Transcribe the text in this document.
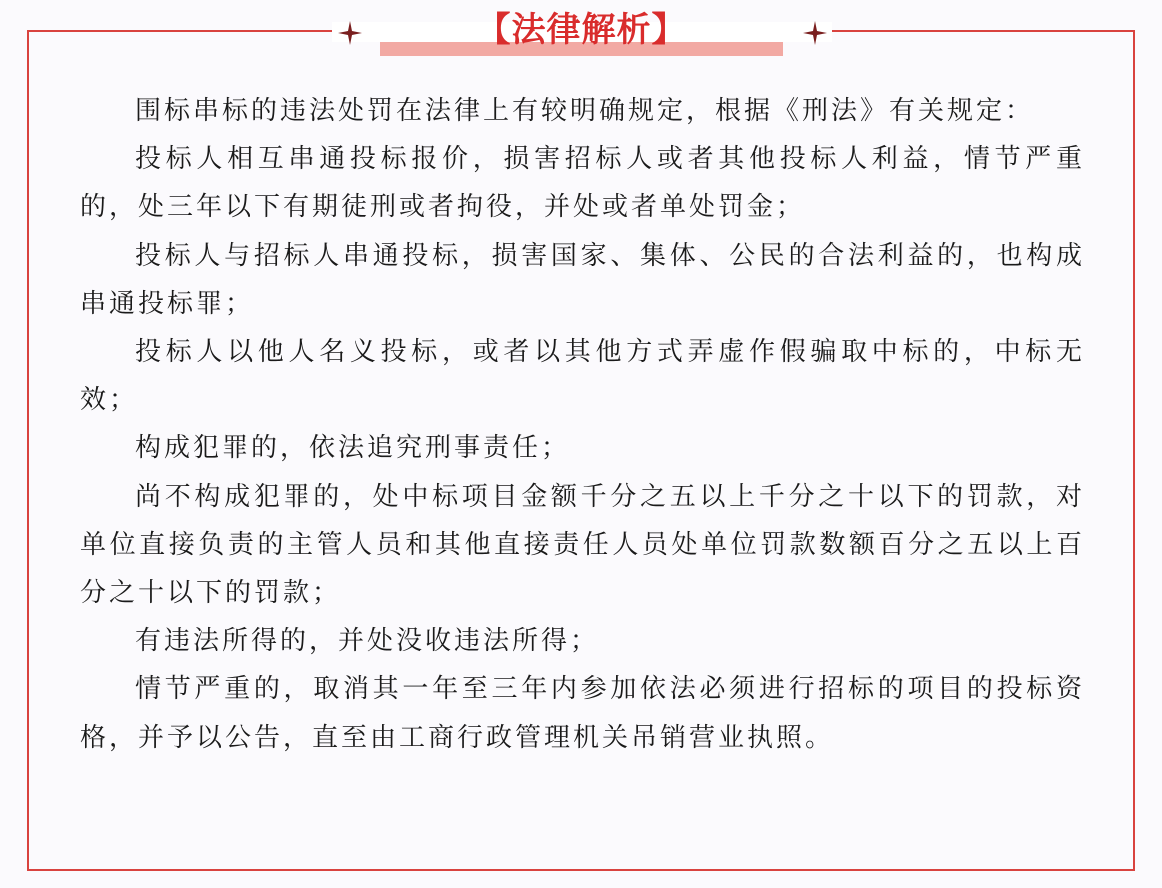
【法律解析】

围标串标的违法处罚在法律上有较明确规定，根据《刑法》有关规定：

投标人相互串通投标报价，损害招标人或者其他投标人利益，情节严重的，处三年以下有期徒刑或者拘役，并处或者单处罚金；

投标人与招标人串通投标，损害国家、集体、公民的合法利益的，也构成串通投标罪；

投标人以他人名义投标，或者以其他方式弄虚作假骗取中标的，中标无效；

构成犯罪的，依法追究刑事责任；

尚不构成犯罪的，处中标项目金额千分之五以上千分之十以下的罚款，对单位直接负责的主管人员和其他直接责任人员处单位罚款数额百分之五以上百分之十以下的罚款；

有违法所得的，并处没收违法所得；

情节严重的，取消其一年至三年内参加依法必须进行招标的项目的投标资格，并予以公告，直至由工商行政管理机关吊销营业执照。
